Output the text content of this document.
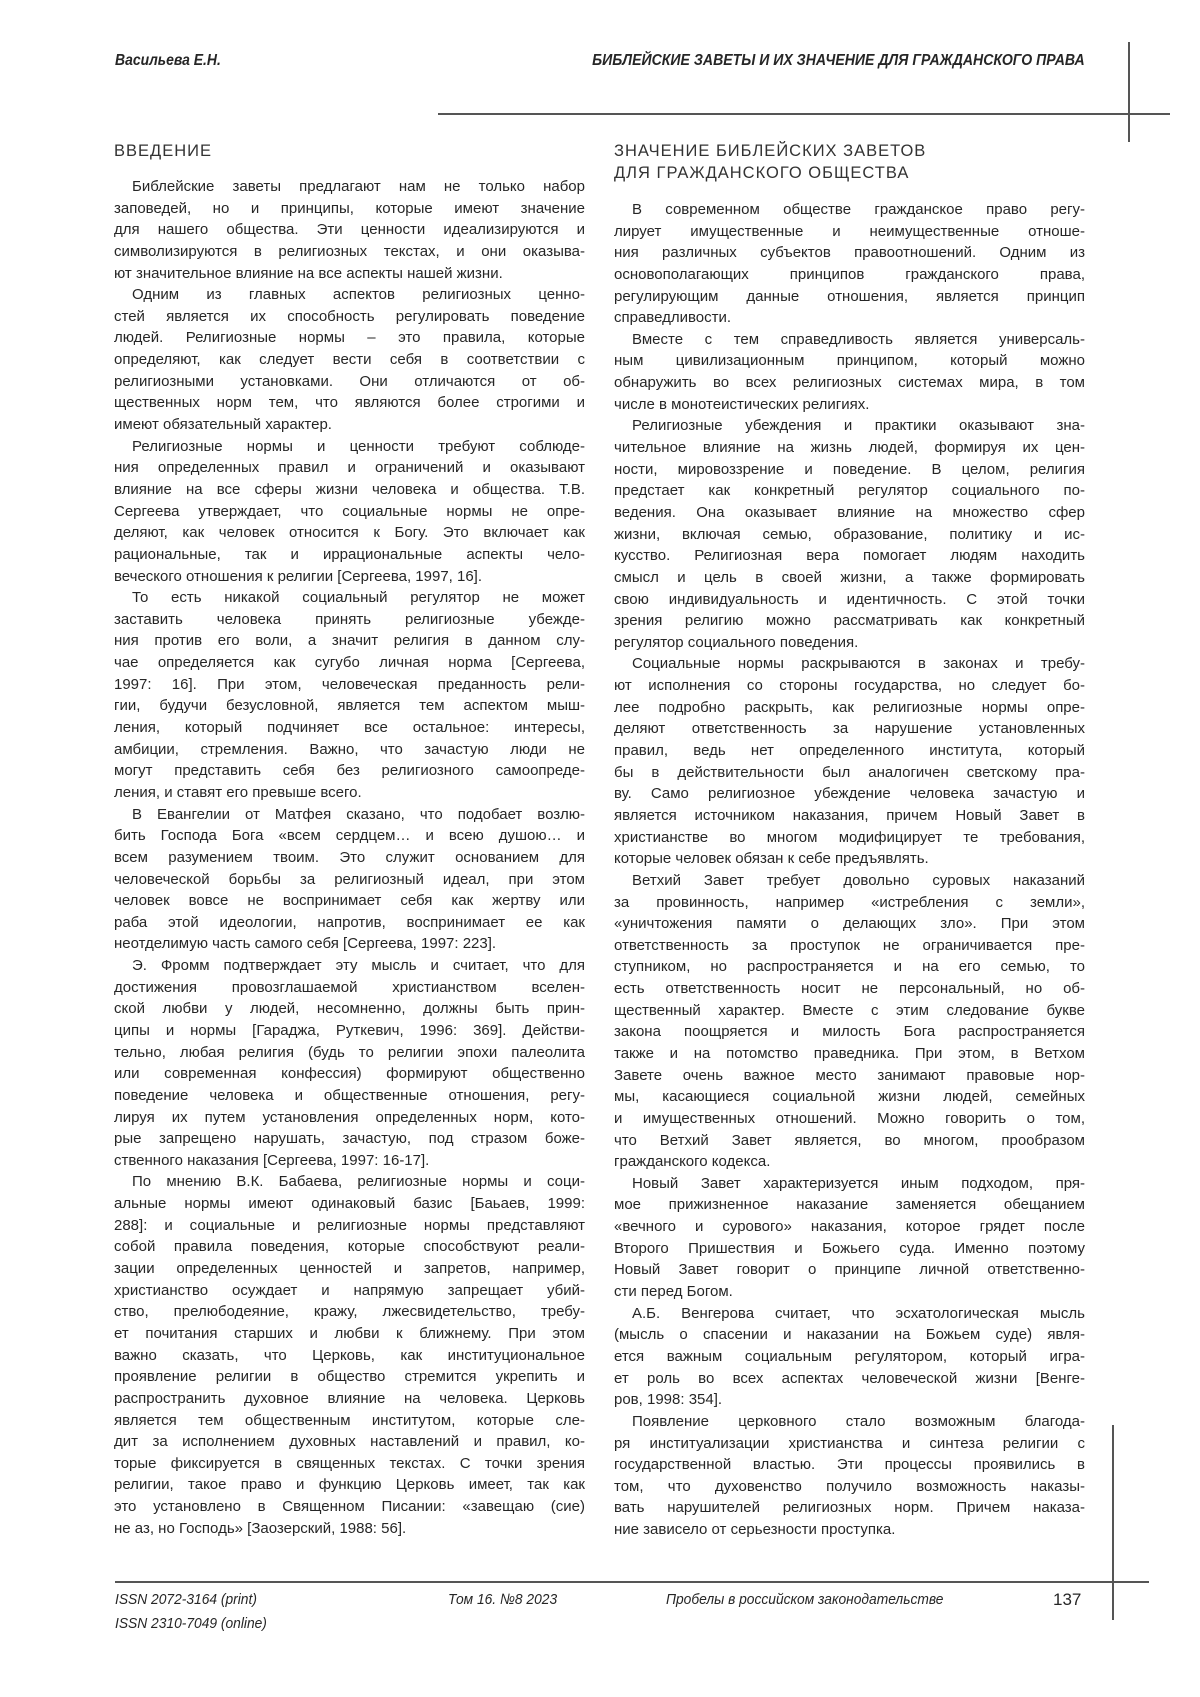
Васильева Е.Н.	БИБЛЕЙСКИЕ ЗАВЕТЫ И ИХ ЗНАЧЕНИЕ ДЛЯ ГРАЖДАНСКОГО ПРАВА
ВВЕДЕНИЕ
Библейские заветы предлагают нам не только набор
заповедей, но и принципы, которые имеют значение
для нашего общества. Эти ценности идеализируются и
символизируются в религиозных текстах, и они оказыва-
ют значительное влияние на все аспекты нашей жизни.
Одним из главных аспектов религиозных ценно-
стей является их способность регулировать поведение
людей. Религиозные нормы – это правила, которые
определяют, как следует вести себя в соответствии с
религиозными установками. Они отличаются от об-
щественных норм тем, что являются более строгими и
имеют обязательный характер.
Религиозные нормы и ценности требуют соблюде-
ния определенных правил и ограничений и оказывают
влияние на все сферы жизни человека и общества. Т.В.
Сергеева утверждает, что социальные нормы не опре-
деляют, как человек относится к Богу. Это включает как
рациональные, так и иррациональные аспекты чело-
веческого отношения к религии [Сергеева, 1997, 16].
То есть никакой социальный регулятор не может
заставить человека принять религиозные убежде-
ния против его воли, а значит религия в данном слу-
чае определяется как сугубо личная норма [Сергеева,
1997: 16]. При этом, человеческая преданность рели-
гии, будучи безусловной, является тем аспектом мыш-
ления, который подчиняет все остальное: интересы,
амбиции, стремления. Важно, что зачастую люди не
могут представить себя без религиозного самоопреде-
ления, и ставят его превыше всего.
В Евангелии от Матфея сказано, что подобает возлю-
бить Господа Бога «всем сердцем… и всею душою… и
всем разумением твоим. Это служит основанием для
человеческой борьбы за религиозный идеал, при этом
человек вовсе не воспринимает себя как жертву или
раба этой идеологии, напротив, воспринимает ее как
неотделимую часть самого себя [Сергеева, 1997: 223].
Э. Фромм подтверждает эту мысль и считает, что для
достижения провозглашаемой христианством вселен-
ской любви у людей, несомненно, должны быть прин-
ципы и нормы [Гараджа, Руткевич, 1996: 369]. Действи-
тельно, любая религия (будь то религии эпохи палеолита
или современная конфессия) формируют общественно
поведение человека и общественные отношения, регу-
лируя их путем установления определенных норм, кото-
рые запрещено нарушать, зачастую, под стразом боже-
ственного наказания [Сергеева, 1997: 16-17].
По мнению В.К. Бабаева, религиозные нормы и соци-
альные нормы имеют одинаковый базис [Баьаев, 1999:
288]: и социальные и религиозные нормы представляют
собой правила поведения, которые способствуют реали-
зации определенных ценностей и запретов, например,
христианство осуждает и напрямую запрещает убий-
ство, прелюбодеяние, кражу, лжесвидетельство, требу-
ет почитания старших и любви к ближнему. При этом
важно сказать, что Церковь, как институциональное
проявление религии в общество стремится укрепить и
распространить духовное влияние на человека. Церковь
является тем общественным институтом, которые сле-
дит за исполнением духовных наставлений и правил, ко-
торые фиксируется в священных текстах. С точки зрения
религии, такое право и функцию Церковь имеет, так как
это установлено в Священном Писании: «завещаю (сие)
не аз, но Господь» [Заозерский, 1988: 56].
ЗНАЧЕНИЕ БИБЛЕЙСКИХ ЗАВЕТОВ
ДЛЯ ГРАЖДАНСКОГО ОБЩЕСТВА
В современном обществе гражданское право регу-
лирует имущественные и неимущественные отноше-
ния различных субъектов правоотношений. Одним из
основополагающих принципов гражданского права,
регулирующим данные отношения, является принцип
справедливости.
Вместе с тем справедливость является универсаль-
ным цивилизационным принципом, который можно
обнаружить во всех религиозных системах мира, в том
числе в монотеистических религиях.
Религиозные убеждения и практики оказывают зна-
чительное влияние на жизнь людей, формируя их цен-
ности, мировоззрение и поведение. В целом, религия
предстает как конкретный регулятор социального по-
ведения. Она оказывает влияние на множество сфер
жизни, включая семью, образование, политику и ис-
кусство. Религиозная вера помогает людям находить
смысл и цель в своей жизни, а также формировать
свою индивидуальность и идентичность. С этой точки
зрения религию можно рассматривать как конкретный
регулятор социального поведения.
Социальные нормы раскрываются в законах и требу-
ют исполнения со стороны государства, но следует бо-
лее подробно раскрыть, как религиозные нормы опре-
деляют ответственность за нарушение установленных
правил, ведь нет определенного института, который
бы в действительности был аналогичен светскому пра-
ву. Само религиозное убеждение человека зачастую и
является источником наказания, причем Новый Завет в
христианстве во многом модифицирует те требования,
которые человек обязан к себе предъявлять.
Ветхий Завет требует довольно суровых наказаний
за провинность, например «истребления с земли»,
«уничтожения памяти о делающих зло». При этом
ответственность за проступок не ограничивается пре-
ступником, но распространяется и на его семью, то
есть ответственность носит не персональный, но об-
щественный характер. Вместе с этим следование букве
закона поощряется и милость Бога распространяется
также и на потомство праведника. При этом, в Ветхом
Завете очень важное место занимают правовые нор-
мы, касающиеся социальной жизни людей, семейных
и имущественных отношений. Можно говорить о том,
что Ветхий Завет является, во многом, прообразом
гражданского кодекса.
Новый Завет характеризуется иным подходом, пря-
мое прижизненное наказание заменяется обещанием
«вечного и сурового» наказания, которое грядет после
Второго Пришествия и Божьего суда. Именно поэтому
Новый Завет говорит о принципе личной ответственно-
сти перед Богом.
А.Б. Венгерова считает, что эсхатологическая мысль
(мысль о спасении и наказании на Божьем суде) явля-
ется важным социальным регулятором, который игра-
ет роль во всех аспектах человеческой жизни [Венге-
ров, 1998: 354].
Появление церковного стало возможным благода-
ря институализации христианства и синтеза религии с
государственной властью. Эти процессы проявились в
том, что духовенство получило возможность наказы-
вать нарушителей религиозных норм. Причем наказа-
ние зависело от серьезности проступка.
ISSN 2072-3164 (print)
ISSN 2310-7049 (online)
Том 16. №8 2023	Пробелы в российском законодательстве	137
